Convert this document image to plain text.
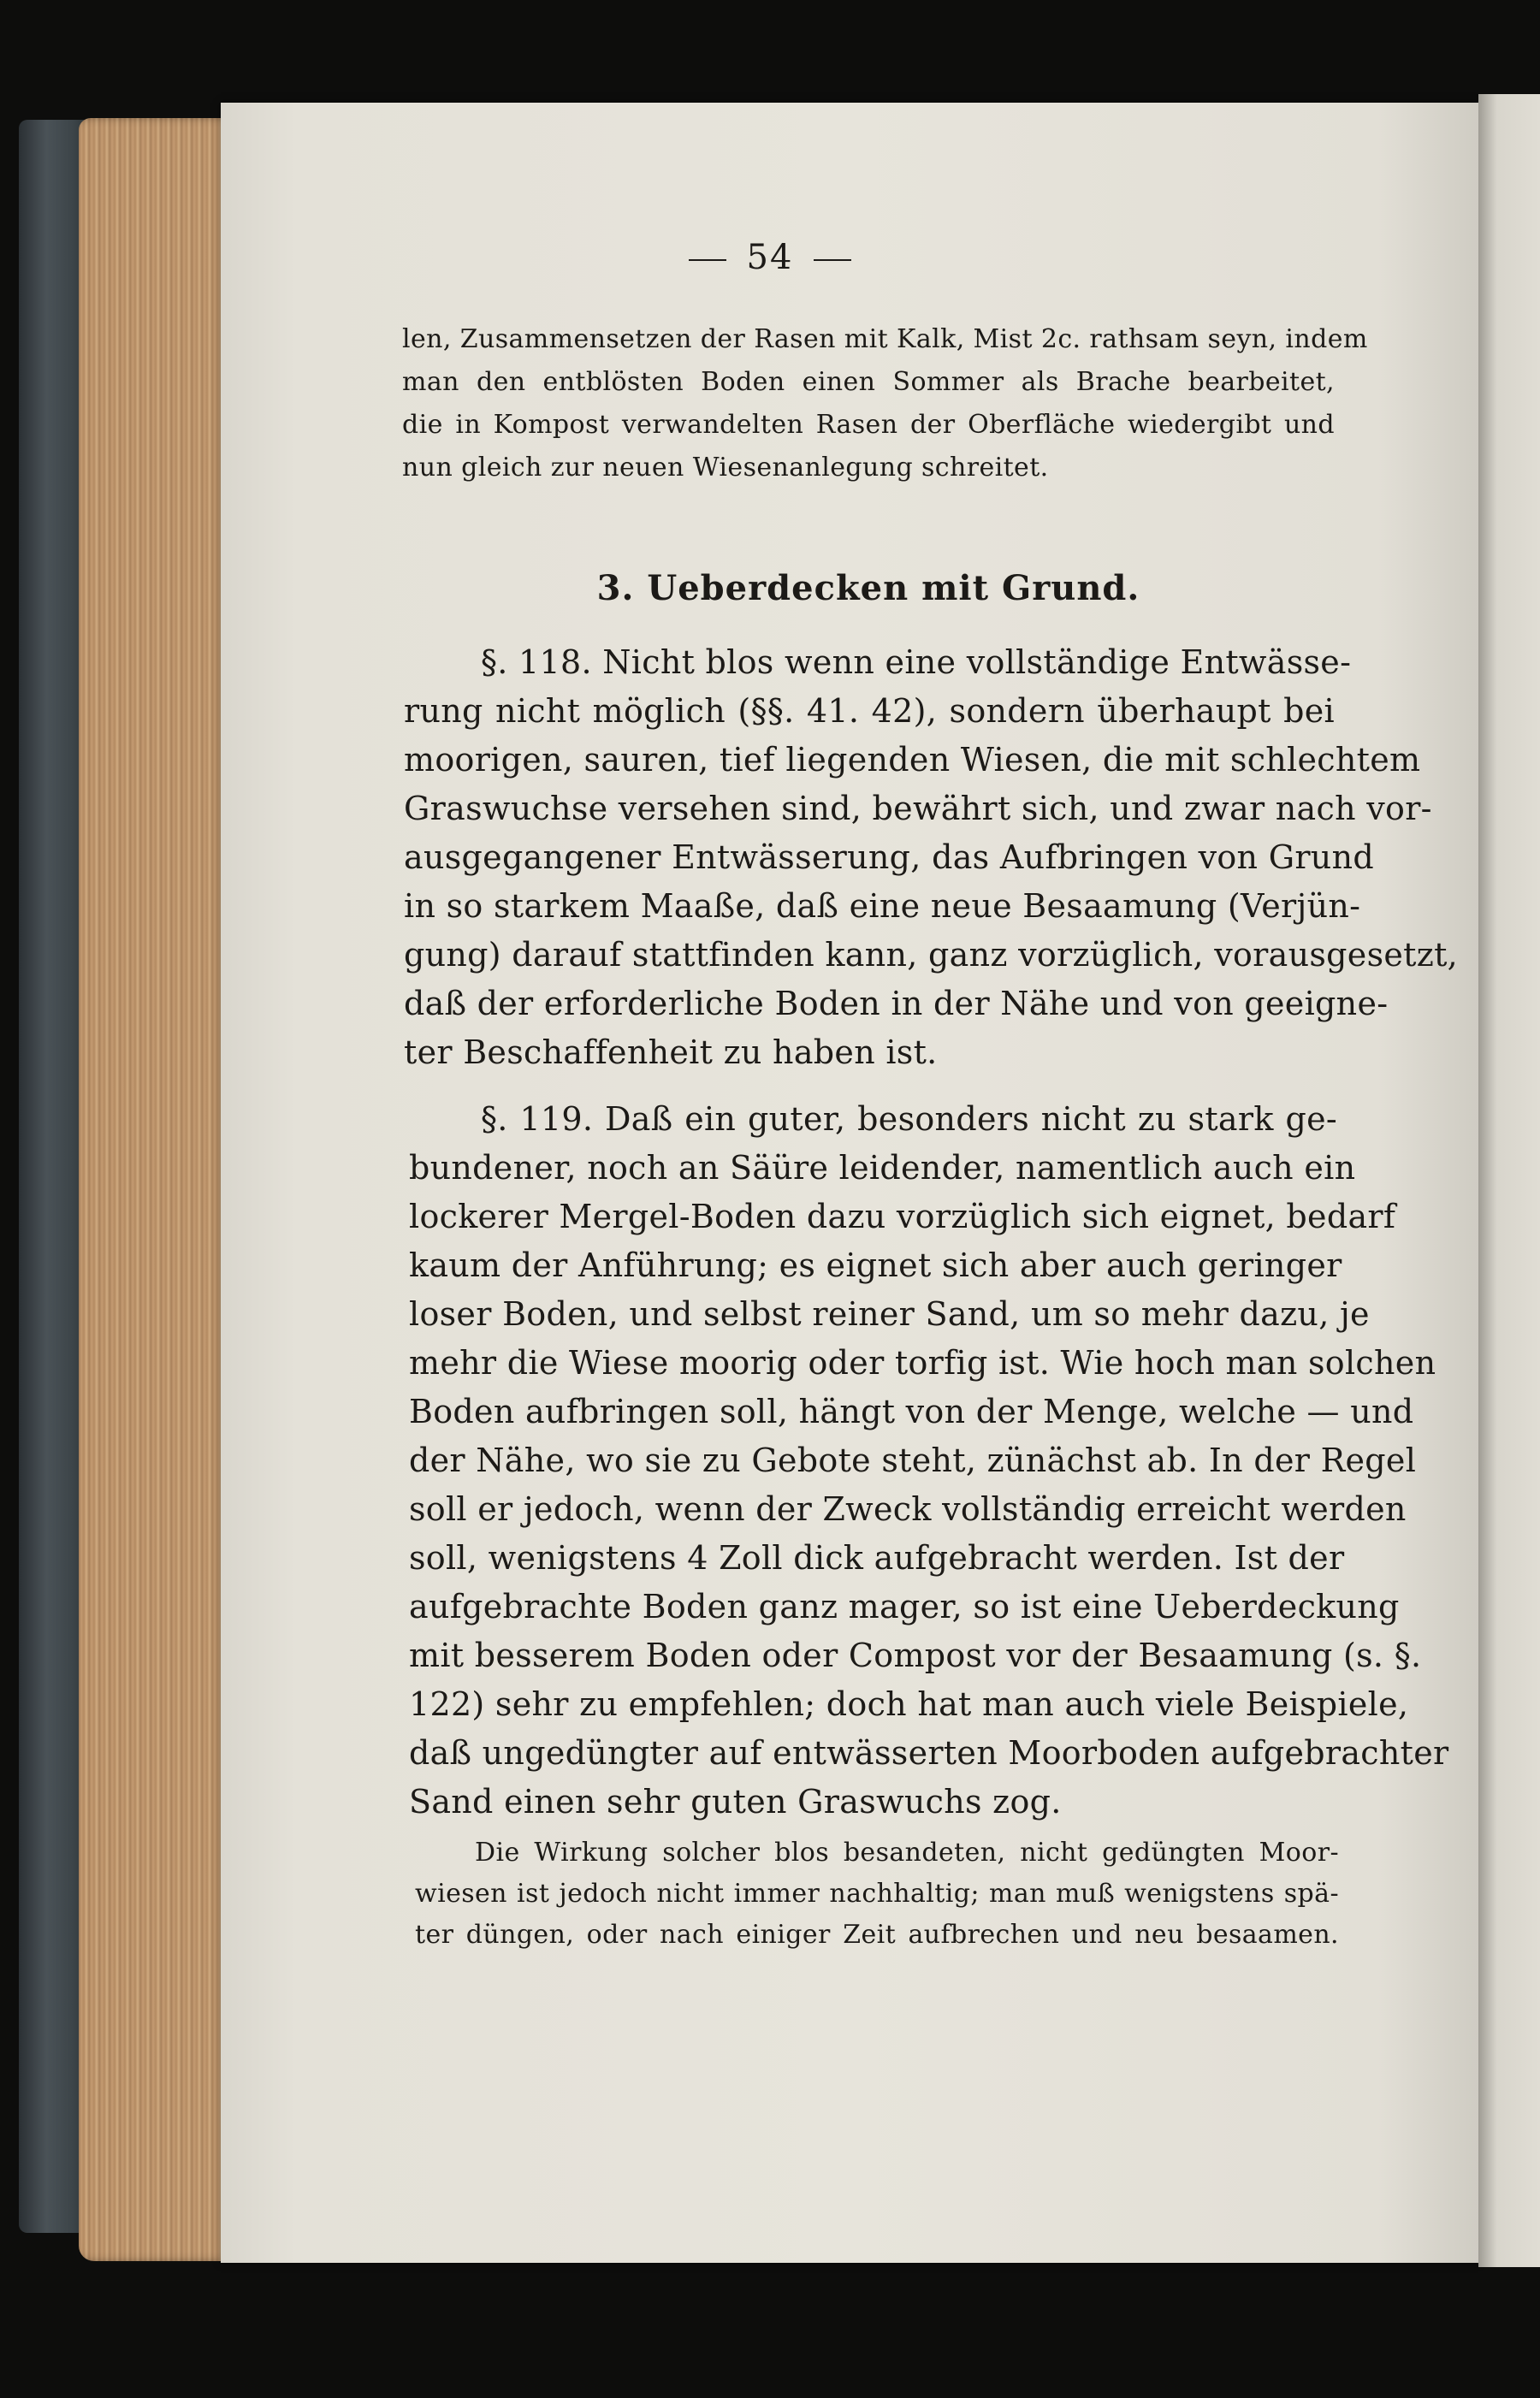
54
len, Zusammensetzen der Rasen mit Kalk, Mist 2c. rathsam seyn, indem
man den entblösten Boden einen Sommer als Brache bearbeitet,
die in Kompost verwandelten Rasen der Oberfläche wiedergibt und
nun gleich zur neuen Wiesenanlegung schreitet.
3. Ueberdecken mit Grund.
§. 118. Nicht blos wenn eine vollständige Entwässe-
rung nicht möglich (§§. 41. 42), sondern überhaupt bei
moorigen, sauren, tief liegenden Wiesen, die mit schlechtem
Graswuchse versehen sind, bewährt sich, und zwar nach vor-
ausgegangener Entwässerung, das Aufbringen von Grund
in so starkem Maaße, daß eine neue Besaamung (Verjün-
gung) darauf stattfinden kann, ganz vorzüglich, vorausgesetzt,
daß der erforderliche Boden in der Nähe und von geeigne-
ter Beschaffenheit zu haben ist.
§. 119. Daß ein guter, besonders nicht zu stark ge-
bundener, noch an Säüre leidender, namentlich auch ein
lockerer Mergel-Boden dazu vorzüglich sich eignet, bedarf
kaum der Anführung; es eignet sich aber auch geringer
loser Boden, und selbst reiner Sand, um so mehr dazu, je
mehr die Wiese moorig oder torfig ist. Wie hoch man solchen
Boden aufbringen soll, hängt von der Menge, welche — und
der Nähe, wo sie zu Gebote steht, zünächst ab. In der Regel
soll er jedoch, wenn der Zweck vollständig erreicht werden
soll, wenigstens 4 Zoll dick aufgebracht werden. Ist der
aufgebrachte Boden ganz mager, so ist eine Ueberdeckung
mit besserem Boden oder Compost vor der Besaamung (s. §.
122) sehr zu empfehlen; doch hat man auch viele Beispiele,
daß ungedüngter auf entwässerten Moorboden aufgebrachter
Sand einen sehr guten Graswuchs zog.
Die Wirkung solcher blos besandeten, nicht gedüngten Moor-
wiesen ist jedoch nicht immer nachhaltig; man muß wenigstens spä-
ter düngen, oder nach einiger Zeit aufbrechen und neu besaamen.
